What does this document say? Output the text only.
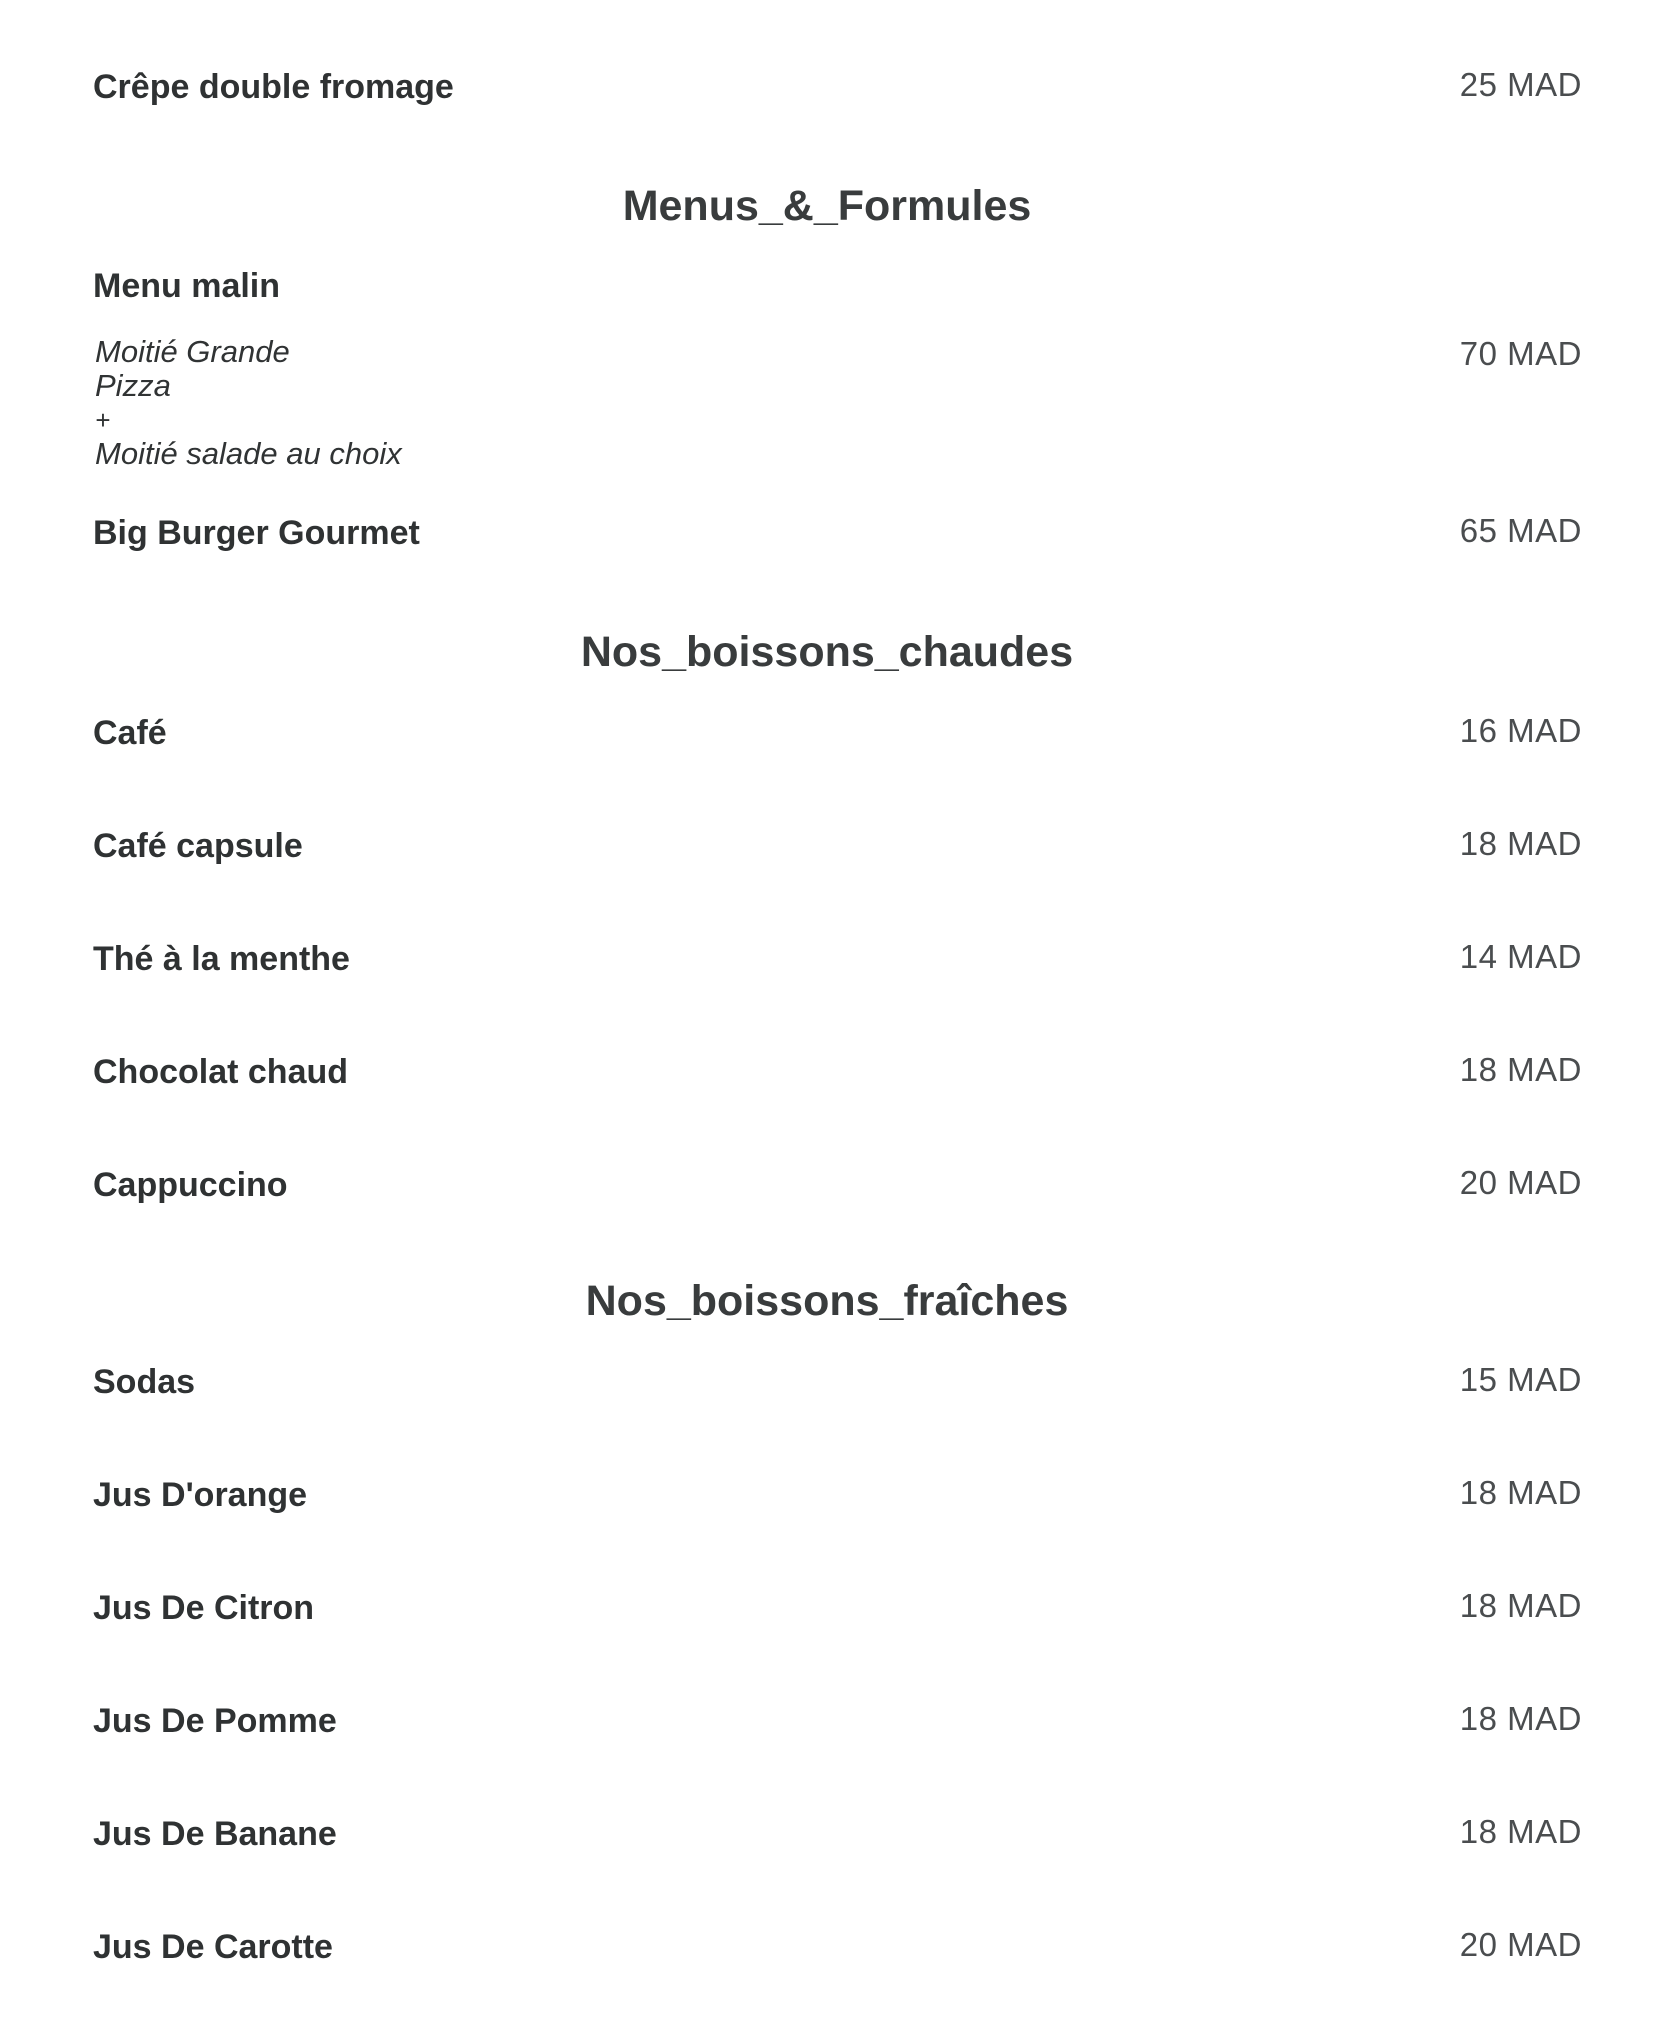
Crêpe double fromage	25 MAD
Menus_&_Formules
Menu malin
Moitié Grande
Pizza
+
Moitié salade au choix
70 MAD
Big Burger Gourmet	65 MAD
Nos_boissons_chaudes
Café	16 MAD
Café capsule	18 MAD
Thé à la menthe	14 MAD
Chocolat chaud	18 MAD
Cappuccino	20 MAD
Nos_boissons_fraîches
Sodas	15 MAD
Jus D'orange	18 MAD
Jus De Citron	18 MAD
Jus De Pomme	18 MAD
Jus De Banane	18 MAD
Jus De Carotte	20 MAD
